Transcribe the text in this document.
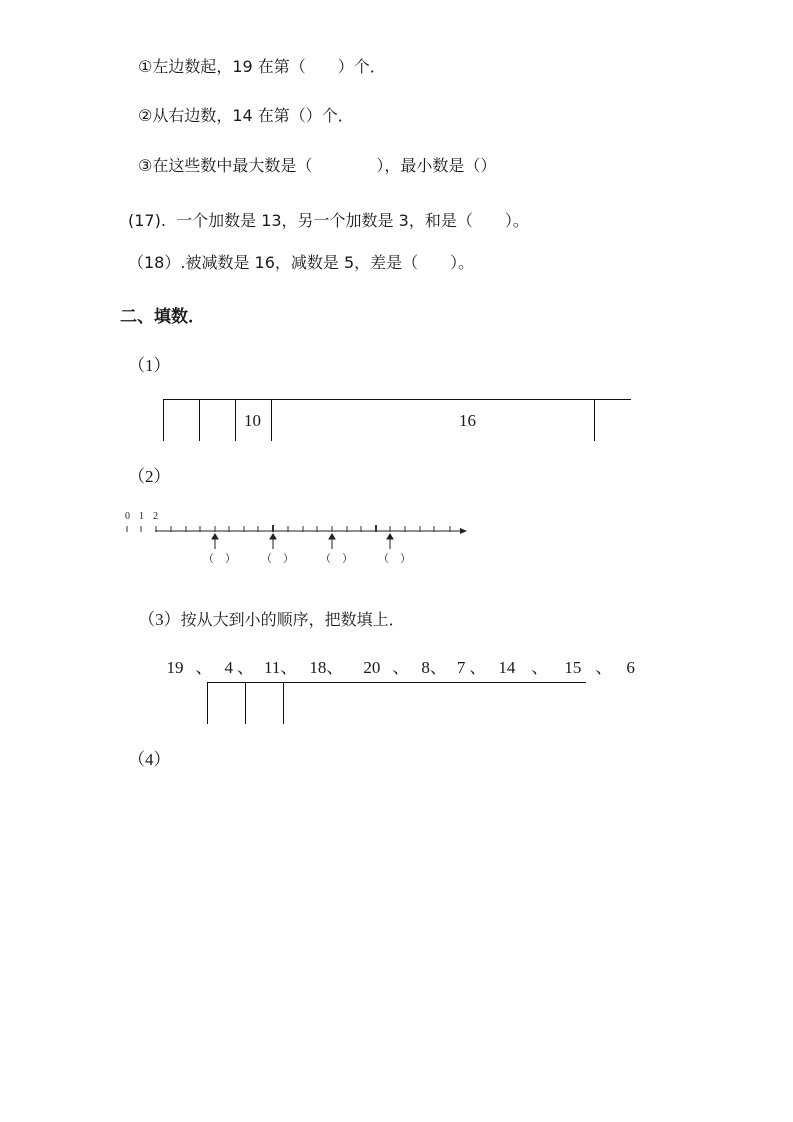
①左边数起，19 在第（　　）个．
②从右边数，14 在第（）个．
③在这些数中最大数是（　　　　），最小数是（）
(17).  一个加数是 13，另一个加数是 3，和是（　　）。
（18）.被减数是 16，减数是 5，差是（　　）。
二、填数．
（1）
10	16
（2）
0 1 2
（　） （　） （　） （　）

（3）按从大到小的顺序，把数填上．

19 、 4 、 11、 18、 20 、 8、 7 、 14 、 15 、 6

（4）
